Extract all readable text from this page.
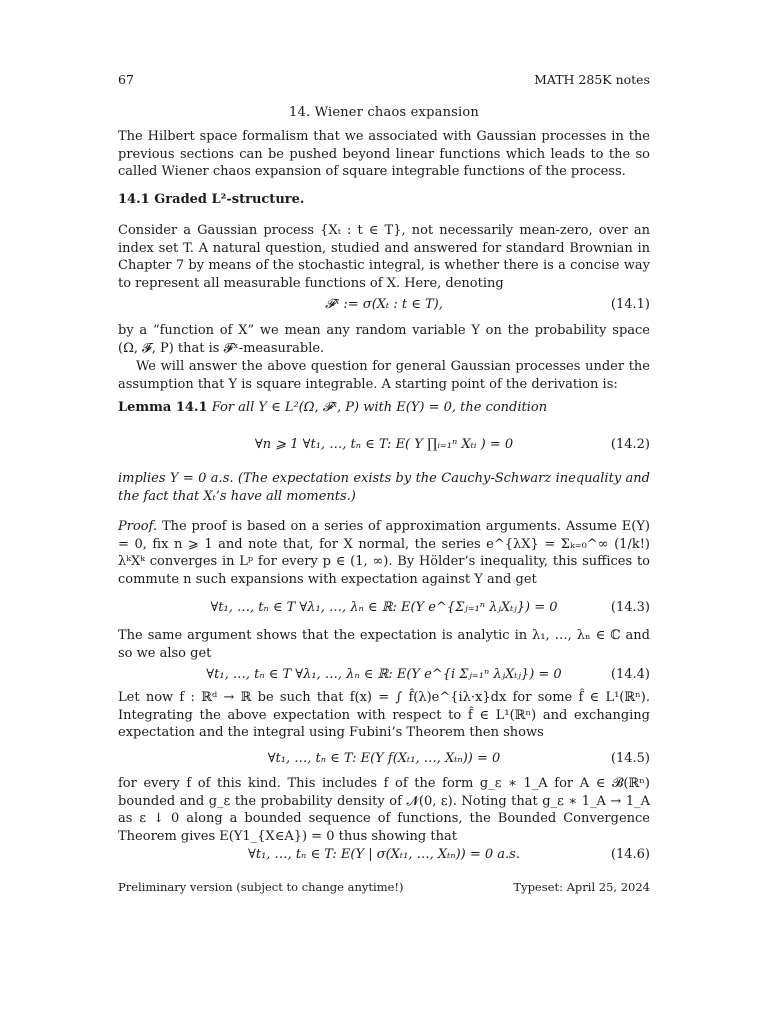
67	MATH 285K notes
14. Wiener chaos expansion

The Hilbert space formalism that we associated with Gaussian processes in the previous sections can be pushed beyond linear functions which leads to the so called Wiener chaos expansion of square integrable functions of the process.

14.1 Graded L²-structure.

Consider a Gaussian process {Xₜ : t ∈ T}, not necessarily mean-zero, over an index set T. A natural question, studied and answered for standard Brownian in Chapter 7 by means of the stochastic integral, is whether there is a concise way to represent all measurable functions of X. Here, denoting

𝓕ˣ := σ(Xₜ : t ∈ T),	(14.1)

by a “function of X” we mean any random variable Y on the probability space (Ω, 𝓕, P) that is 𝓕ˣ-measurable.

We will answer the above question for general Gaussian processes under the assumption that Y is square integrable. A starting point of the derivation is:

Lemma 14.1 For all Y ∈ L²(Ω, 𝓕ˣ, P) with E(Y) = 0, the condition
∀n ⩾ 1 ∀t₁, …, tₙ ∈ T: E( Y ∏ᵢ₌₁ⁿ Xₜᵢ ) = 0	(14.2)

implies Y = 0 a.s. (The expectation exists by the Cauchy-Schwarz inequality and the fact that Xₜ’s have all moments.)

Proof. The proof is based on a series of approximation arguments. Assume E(Y) = 0, fix n ⩾ 1 and note that, for X normal, the series e^{λX} = Σₖ₌₀^∞ (1/k!) λᵏXᵏ converges in Lᵖ for every p ∈ (1, ∞). By Hölder’s inequality, this suffices to commute n such expansions with expectation against Y and get
∀t₁, …, tₙ ∈ T ∀λ₁, …, λₙ ∈ ℝ: E(Y e^{Σⱼ₌₁ⁿ λⱼXₜⱼ}) = 0	(14.3)

The same argument shows that the expectation is analytic in λ₁, …, λₙ ∈ ℂ and so we also get

∀t₁, …, tₙ ∈ T ∀λ₁, …, λₙ ∈ ℝ: E(Y e^{i Σⱼ₌₁ⁿ λⱼXₜⱼ}) = 0	(14.4)

Let now f : ℝᵈ → ℝ be such that f(x) = ∫ f̂(λ)e^{iλ·x}dx for some f̂ ∈ L¹(ℝⁿ). Integrating the above expectation with respect to f̂ ∈ L¹(ℝⁿ) and exchanging expectation and the integral using Fubini’s Theorem then shows

∀t₁, …, tₙ ∈ T: E(Y f(Xₜ₁, …, Xₜₙ)) = 0	(14.5)

for every f of this kind. This includes f of the form g_ε ∗ 1_A for A ∈ 𝓑(ℝⁿ) bounded and g_ε the probability density of 𝓝(0, ε). Noting that g_ε ∗ 1_A → 1_A as ε ↓ 0 along a bounded sequence of functions, the Bounded Convergence Theorem gives E(Y1_{X∈A}) = 0 thus showing that

∀t₁, …, tₙ ∈ T: E(Y | σ(Xₜ₁, …, Xₜₙ)) = 0 a.s.	(14.6)
Preliminary version (subject to change anytime!)	Typeset: April 25, 2024
